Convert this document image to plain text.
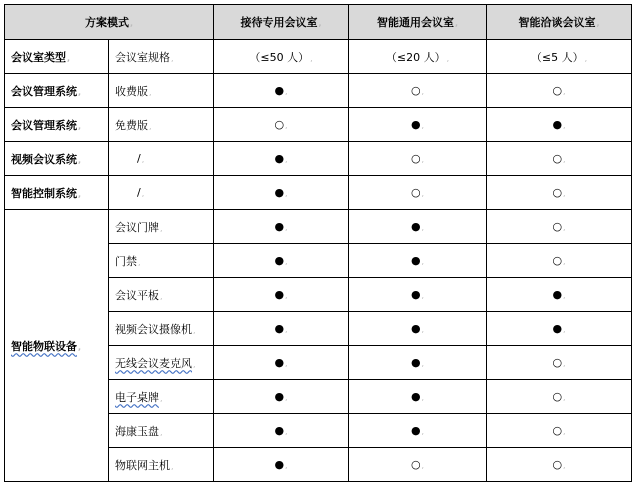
方案模式,		接待专用会议室,	智能通用会议室,	智能洽谈会议室,
会议室类型,	会议室规格,	（≤50 人）,	（≤20 人）,	（≤5 人）,
会议管理系统,	收费版,	●,	○,	○,
会议管理系统,	免费版,	○,	●,	●,
视频会议系统,	/,	●,	○,	○,
智能控制系统,	/,	●,	○,	○,
智能物联设备,	会议门牌,	●,	●,	○,
	门禁,	●,	●,	○,
	会议平板,	●,	●,	●,
	视频会议摄像机,	●,	●,	●,
	无线会议麦克风,	●,	●,	○,
	电子桌牌,	●,	●,	○,
	海康玉盘,	●,	●,	○,
	物联网主机,	●,	○,	○,
